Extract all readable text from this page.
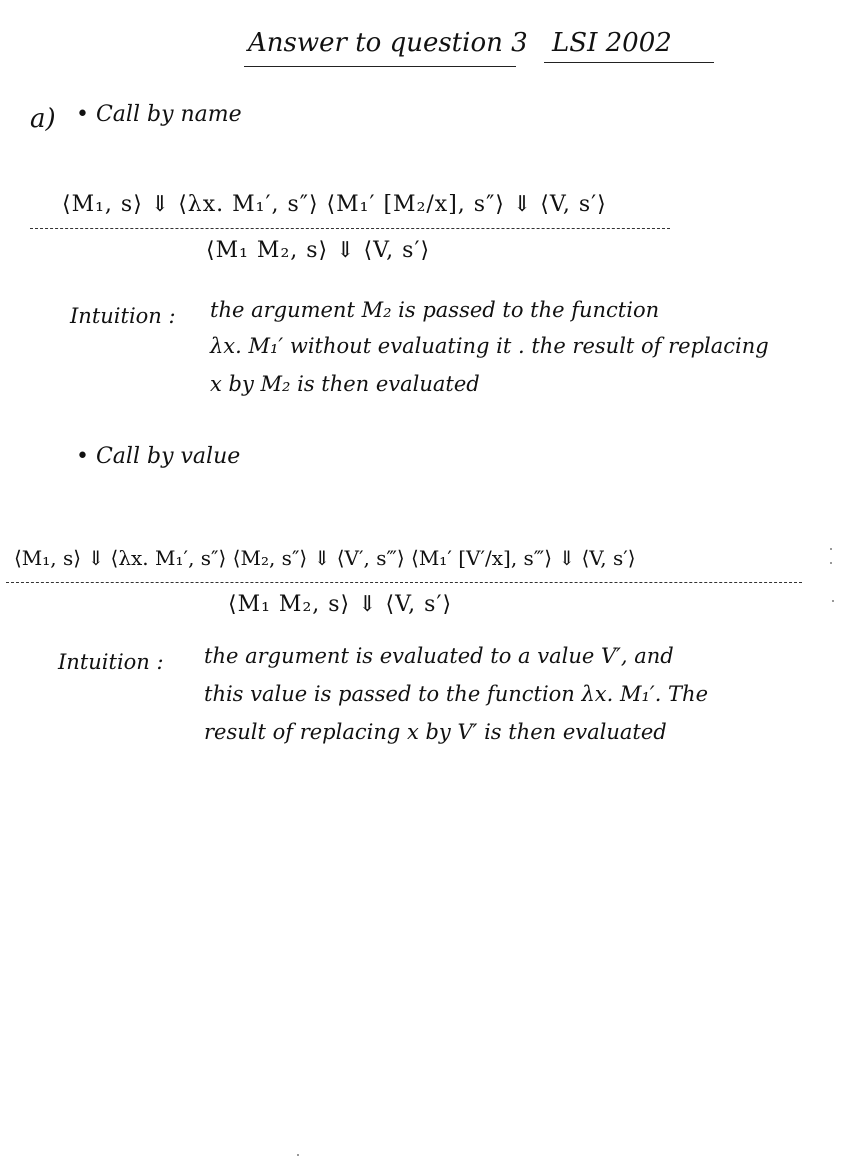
Answer to question 3 LSI 2002
a) • Call by name
⟨M₁, s⟩ ⇓ ⟨λx. M₁′, s″⟩ ⟨M₁′ [M₂/x], s″⟩ ⇓ ⟨V, s′⟩
⟨M₁ M₂, s⟩ ⇓ ⟨V, s′⟩
Intuition : the argument M₂ is passed to the function
λx. M₁′ without evaluating it . the result of replacing
x by M₂ is then evaluated
• Call by value
⟨M₁, s⟩ ⇓ ⟨λx. M₁′, s″⟩ ⟨M₂, s″⟩ ⇓ ⟨V′, s‴⟩ ⟨M₁′ [V′/x], s‴⟩ ⇓ ⟨V, s′⟩
⟨M₁ M₂, s⟩ ⇓ ⟨V, s′⟩
Intuition : the argument is evaluated to a value V′, and
this value is passed to the function λx. M₁′. The
result of replacing x by V′ is then evaluated
